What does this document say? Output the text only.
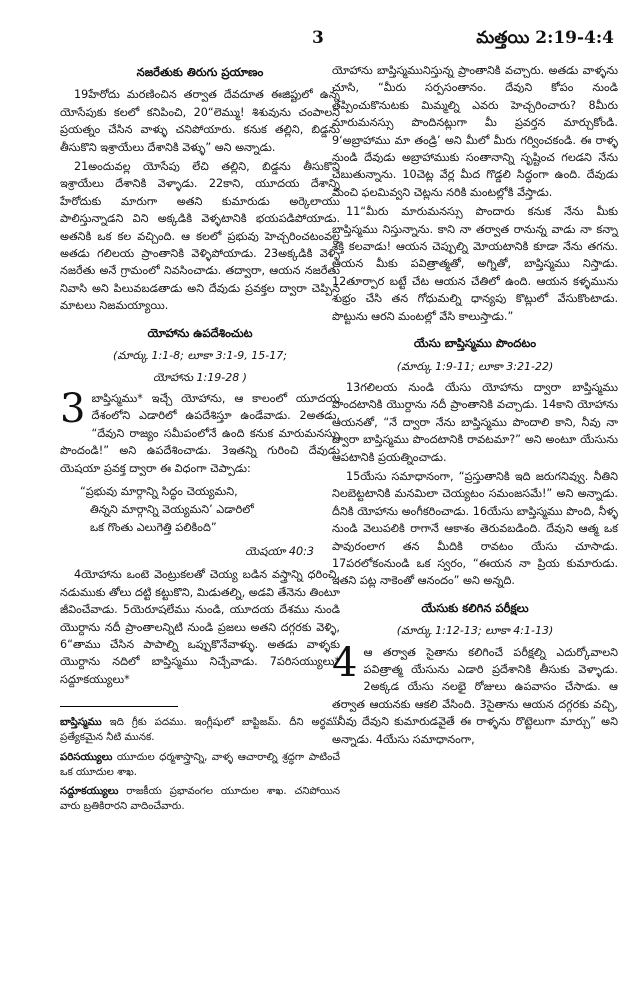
3	మత్తయి 2:19-4:4
నజరేతుకు తిరుగు ప్రయాణం

19హేరోదు మరణించిన తర్వాత దేవదూత ఈజిప్టులో ఉన్న యోసేపుకు కలలో కనిపించి, 20“లెమ్ము! శిశువును చంపాలని ప్రయత్నం చేసిన వాళ్ళు చనిపోయారు. కనుక తల్లిని, బిడ్డను తీసుకొని ఇశ్రాయేలు దేశానికి వెళ్ళు” అని అన్నాడు.

21అందువల్ల యోసేపు లేచి తల్లిని, బిడ్డను తీసుకొని ఇశ్రాయేలు దేశానికి వెళ్ళాడు. 22కాని, యూదయ దేశాన్ని హేరోదుకు మారుగా అతని కుమారుడు అర్కెలాయు పాలిస్తున్నాడని విని అక్కడికి వెళ్ళటానికి భయపడిపోయాడు. అతనికి ఒక కల వచ్చింది. ఆ కలలో ప్రభువు హెచ్చరించటంవల్ల అతడు గలిలయ ప్రాంతానికి వెళ్ళిపోయాడు. 23అక్కడికి వెళ్ళి నజరేతు అనే గ్రామంలో నివసించాడు. తద్వారా, ఆయన నజరేతు నివాసి అని పిలువబడతాడు అని దేవుడు ప్రవక్తల ద్వారా చెప్పిన మాటలు నిజమయ్యాయి.

యోహాను ఉపదేశించుట
(మార్కు 1:1-8; లూకా 3:1-9, 15-17;
యోహాను 1:19-28 )
3 బాప్తిస్మము* ఇచ్చే యోహాను, ఆ కాలంలో యూదయ దేశంలోని ఎడారిలో ఉపదేశిస్తూ ఉండేవాడు. 2అతడు, “దేవుని రాజ్యం సమీపంలోనే ఉంది కనుక మారుమనస్సు పొందండి!” అని ఉపదేశించాడు. 3ఇతన్ని గురించి దేవుడు యెషయా ప్రవక్త ద్వారా ఈ విధంగా చెప్పాడు:

“ప్రభువు మార్గాన్ని సిద్ధం చెయ్యమని,
తిన్నని మార్గాన్ని వెయ్యమని’ ఎడారిలో
ఒక గొంతు ఎలుగెత్తి పలికింది”
యెషయా 40:3

4యోహాను ఒంటె వెంట్రుకలతో చెయ్య బడిన వస్త్రాన్ని ధరించి, నడుముకు తోలు దట్టి కట్టుకొని, మిడుతల్ని, అడవి తేనెను తింటూ జీవించేవాడు. 5యెరూషలేము నుండి, యూదయ దేశము నుండి యొర్దాను నదీ ప్రాంతాలన్నిటి నుండి ప్రజలు అతని దగ్గరకు వెళ్ళి, 6“తాము చేసిన పాపాల్ని ఒప్పుకొనేవాళ్ళు. అతడు వాళ్ళకు యొర్దాను నదిలో బాప్తిస్మము నిచ్చేవాడు. 7పరిసయ్యులు* సద్దూకయ్యులు*

బాప్తిస్మము ఇది గ్రీకు పదము. ఇంగ్లీషులో బాప్టిజమ్. దీని అర్థము ప్రత్యేకమైన నీటి మునక.

పరిసయ్యులు యూదుల ధర్మశాస్త్రాన్ని, వాళ్ళ ఆచారాల్ని శ్రద్ధగా పాటించే ఒక యూదుల శాఖ.

సద్దూకయ్యులు రాజకీయ ప్రభావంగల యూదుల శాఖ. చనిపోయిన వారు బ్రతికిరారని వాదించేవారు.

యోహాను బాప్తిస్మమునిస్తున్న ప్రాంతానికి వచ్చారు. అతడు వాళ్ళను చూసి, “మీరు సర్పసంతానం. దేవుని కోపం నుండి తప్పించుకొనుటకు మిమ్మల్ని ఎవరు హెచ్చరించారు? 8మీరు మారుమనస్సు పొందినట్లుగా మీ ప్రవర్తన మార్చుకోండి. 9‘అబ్రాహాము మా తండ్రి’ అని మీలో మీరు గర్వించకండి. ఈ రాళ్ళ నుండి దేవుడు అబ్రాహాముకు సంతానాన్ని సృష్టించ గలడని నేను చెబుతున్నాను. 10చెట్ల వేర్ల మీద గొడ్డలి సిద్ధంగా ఉంది. దేవుడు మంచి ఫలమివ్వని చెట్లను నరికి మంటల్లోకి వేస్తాడు.

11“మీరు మారుమనస్సు పొందారు కనుక నేను మీకు బాప్తిస్మము నిస్తున్నాను. కాని నా తర్వాత రానున్న వాడు నా కన్నా శక్తి కలవాడు! ఆయన చెప్పుల్ని మోయటానికి కూడా నేను తగను. ఆయన మీకు పవిత్రాత్మతో, అగ్నితో, బాప్తిస్మము నిస్తాడు. 12తూర్పార బట్టే చేట ఆయన చేతిలో ఉంది. ఆయన కళ్ళమును శుభ్రం చేసి తన గోధుమల్ని ధాన్యపు కొట్లులో వేసుకొంటాడు. పొట్టును ఆరని మంటల్లో వేసి కాలుస్తాడు.”

యేసు బాప్తిస్మము పొందటం
(మార్కు 1:9-11; లూకా 3:21-22)

13గలిలయ నుండి యేసు యోహాను ద్వారా బాప్తిస్మము పొందటానికి యొర్దాను నదీ ప్రాంతానికి వచ్చాడు. 14కాని యోహాను ఆయనతో, “నే ద్వారా నేను బాప్తిస్మము పొందాలి కాని, నీవు నా ద్వారా బాప్తిస్మము పొందటానికి రావటమా?” అని అంటూ యేసును ఆపటానికి ప్రయత్నించాడు.

15యేసు సమాధానంగా, “ప్రస్తుతానికి ఇది జరుగనివ్వు. నీతిని నిలబెట్టటానికి మనమిలా చెయ్యటం సమంజసమే!” అని అన్నాడు. దీనికి యోహాను అంగీకరించాడు. 16యేసు బాప్తిస్మము పొంది, నీళ్ళ నుండి వెలుపలికి రాగానే ఆకాశం తెరువబడింది. దేవుని ఆత్మ ఒక పావురంలాగ తన మీదికి రావటం యేసు చూసాడు. 17పరలోకంనుండి ఒక స్వరం, “ఈయన నా ప్రియ కుమారుడు. ఇతని పట్ల నాకెంతో ఆనందం” అని అన్నది.

యేసుకు కలిగిన పరీక్షలు
(మార్కు 1:12-13; లూకా 4:1-13)
4 ఆ తర్వాత సైతాను కలిగించే పరీక్షల్ని ఎదుర్కోవాలని పవిత్రాత్మ యేసును ఎడారి ప్రదేశానికి తీసుకు వెళ్ళాడు. 2అక్కడ యేసు నలభై రోజులు ఉపవాసం చేసాడు. ఆ తర్వాత ఆయనకు ఆకలి వేసింది. 3సైతాను ఆయన దగ్గరకు వచ్చి, “నీవు దేవుని కుమారుడవైతే ఈ రాళ్ళను రొట్టెలుగా మార్చు” అని అన్నాడు. 4యేసు సమాధానంగా,
